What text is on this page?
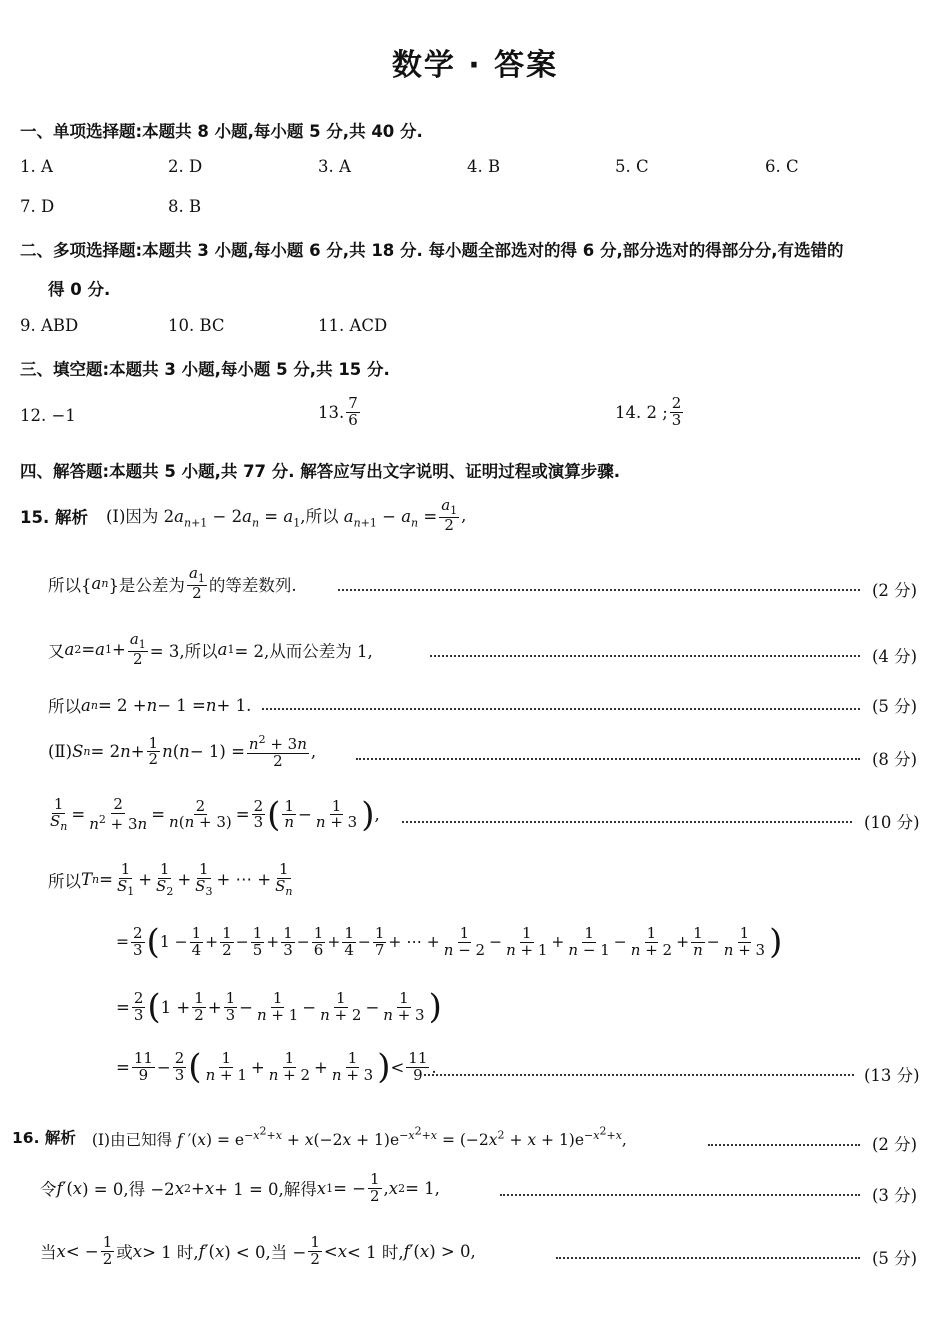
数学 · 答案
一、单项选择题:本题共 8 小题,每小题 5 分,共 40 分.
1. A	2. D	3. A	4. B	5. C	6. C
7. D	8. B
二、多项选择题:本题共 3 小题,每小题 6 分,共 18 分. 每小题全部选对的得 6 分,部分选对的得部分分,有选错的
得 0 分.
9. ABD	10. BC	11. ACD
三、填空题:本题共 3 小题,每小题 5 分,共 15 分.
12. −1	13. $\frac{7}{6}$	14. 2 ; $\frac{2}{3}$
四、解答题:本题共 5 小题,共 77 分. 解答应写出文字说明、证明过程或演算步骤.
15. 解析 (Ⅰ)因为 $2a_{n+1} - 2a_n = a_1$,所以 $a_{n+1} - a_n = \frac{a_1}{2}$ ,
所以{ a n }是公差为 $\frac{a_1}{2}$ 的等差数列.	(2 分)
又 a 2 = a $1 + \frac{a_1}{2} = 3$,所以 a 1 = 2,从而公差为 1,	(4 分)
所以 a n = 2 + n − 1 = n + 1.	(5 分)
(Ⅱ) S n = 2 $n + \frac{1}{2}$ n ( $n - 1) = \frac{n^2 + 3n}{2}$ ,	(8 分)
$\frac{1}{S_n} = \frac{2}{n^2 + 3n} = \frac{2}{n(n + 3)} = \frac{2}{3}$ ( $\frac{1}{n} - \frac{1}{n + 3}$ ) ,	(10 分)
所以 T $n = \frac{1}{S_1} + \frac{1}{S_2} + \frac{1}{S_3}$ + ⋯ + $\frac{1}{S_n}$
= $\frac{2}{3}$ ( $1 - \frac{1}{4} + \frac{1}{2} - \frac{1}{5} + \frac{1}{3} - \frac{1}{6} + \frac{1}{4} - \frac{1}{7}$ + ⋯ + $\frac{1}{n - 2} - \frac{1}{n + 1} + \frac{1}{n - 1} - \frac{1}{n + 2} + \frac{1}{n} - \frac{1}{n + 3}$ )
= $\frac{2}{3}$ ( $1 + \frac{1}{2} + \frac{1}{3} - \frac{1}{n + 1} - \frac{1}{n + 2} - \frac{1}{n + 3}$ )
= $\frac{11}{9} - \frac{2}{3}$ ( $\frac{1}{n + 1} + \frac{1}{n + 2} + \frac{1}{n + 3}$ ) < $\frac{11}{9}$ .	(13 分)
16. 解析 (Ⅰ)由已知得 f $'(x) = e^{-x^2+x} + x(-2x + 1)e^{-x^2+x} = (-2x^2 + x + 1)e^{-x^2+x}$,	(2 分)
令 f ′( x ) = 0,得 −2 x 2 + x + 1 = 0,解得 x 1 = − $\frac{1}{2}$ , x 2 = 1,	(3 分)
当 x < − $\frac{1}{2}$ 或 x > 1 时, f ′( x ) < 0,当 − $\frac{1}{2} < x < 1$ 时, f ′( x ) > 0,	(5 分)
